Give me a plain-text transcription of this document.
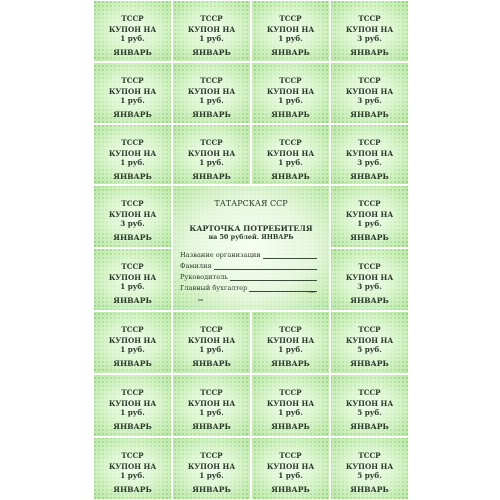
ТАТАРСКАЯ ССР
КАРТОЧКА ПОТРЕБИТЕЛЯ
на 50 рублей. ЯНВАРЬ
Название организации
Фамилия
Руководитель
Главный бухгалтер
мп
тзю
ТССР
КУПОН НА
1 руб.
ЯНВАРЬ
ТССР
КУПОН НА
1 руб.
ЯНВАРЬ
ТССР
КУПОН НА
1 руб.
ЯНВАРЬ
ТССР
КУПОН НА
3 руб.
ЯНВАРЬ
ТССР
КУПОН НА
1 руб.
ЯНВАРЬ
ТССР
КУПОН НА
1 руб.
ЯНВАРЬ
ТССР
КУПОН НА
1 руб.
ЯНВАРЬ
ТССР
КУПОН НА
3 руб.
ЯНВАРЬ
ТССР
КУПОН НА
1 руб.
ЯНВАРЬ
ТССР
КУПОН НА
1 руб.
ЯНВАРЬ
ТССР
КУПОН НА
1 руб.
ЯНВАРЬ
ТССР
КУПОН НА
3 руб.
ЯНВАРЬ
ТССР
КУПОН НА
3 руб.
ЯНВАРЬ
ТССР
КУПОН НА
1 руб.
ЯНВАРЬ
ТССР
КУПОН НА
1 руб.
ЯНВАРЬ
ТССР
КУПОН НА
3 руб.
ЯНВАРЬ
ТССР
КУПОН НА
1 руб.
ЯНВАРЬ
ТССР
КУПОН НА
1 руб.
ЯНВАРЬ
ТССР
КУПОН НА
1 руб.
ЯНВАРЬ
ТССР
КУПОН НА
5 руб.
ЯНВАРЬ
ТССР
КУПОН НА
1 руб.
ЯНВАРЬ
ТССР
КУПОН НА
1 руб.
ЯНВАРЬ
ТССР
КУПОН НА
1 руб.
ЯНВАРЬ
ТССР
КУПОН НА
5 руб.
ЯНВАРЬ
ТССР
КУПОН НА
1 руб.
ЯНВАРЬ
ТССР
КУПОН НА
1 руб.
ЯНВАРЬ
ТССР
КУПОН НА
1 руб.
ЯНВАРЬ
ТССР
КУПОН НА
5 руб.
ЯНВАРЬ
